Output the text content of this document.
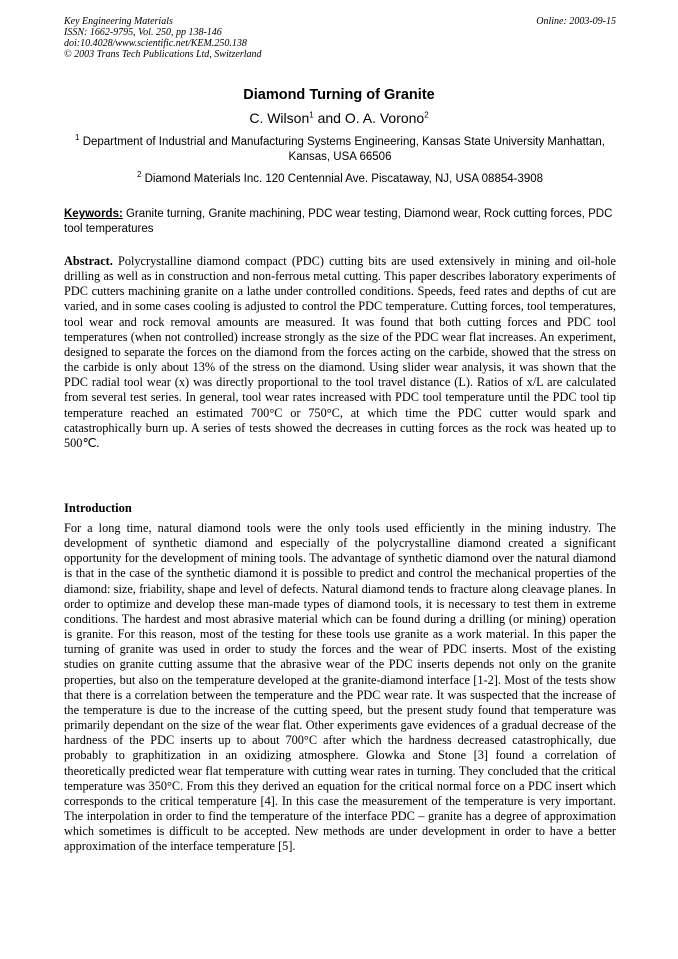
Key Engineering Materials
ISSN: 1662-9795, Vol. 250, pp 138-146
doi:10.4028/www.scientific.net/KEM.250.138
© 2003 Trans Tech Publications Ltd, Switzerland
Online: 2003-09-15
Diamond Turning of Granite
C. Wilson$^1$ and O. A. Vorono$^2$
$^1$ Department of Industrial and Manufacturing Systems Engineering, Kansas State University Manhattan, Kansas, USA 66506
$^2$ Diamond Materials Inc. 120 Centennial Ave. Piscataway, NJ, USA 08854-3908
Keywords: Granite turning, Granite machining, PDC wear testing, Diamond wear, Rock cutting forces, PDC tool temperatures
Abstract. Polycrystalline diamond compact (PDC) cutting bits are used extensively in mining and oil-hole drilling as well as in construction and non-ferrous metal cutting. This paper describes laboratory experiments of PDC cutters machining granite on a lathe under controlled conditions. Speeds, feed rates and depths of cut are varied, and in some cases cooling is adjusted to control the PDC temperature. Cutting forces, tool temperatures, tool wear and rock removal amounts are measured. It was found that both cutting forces and PDC tool temperatures (when not controlled) increase strongly as the size of the PDC wear flat increases. An experiment, designed to separate the forces on the diamond from the forces acting on the carbide, showed that the stress on the carbide is only about 13% of the stress on the diamond. Using slider wear analysis, it was shown that the PDC radial tool wear (x) was directly proportional to the tool travel distance (L). Ratios of x/L are calculated from several test series. In general, tool wear rates increased with PDC tool temperature until the PDC tool tip temperature reached an estimated 700°C or 750°C, at which time the PDC cutter would spark and catastrophically burn up. A series of tests showed the decreases in cutting forces as the rock was heated up to 500℃.
Introduction
For a long time, natural diamond tools were the only tools used efficiently in the mining industry. The development of synthetic diamond and especially of the polycrystalline diamond created a significant opportunity for the development of mining tools. The advantage of synthetic diamond over the natural diamond is that in the case of the synthetic diamond it is possible to predict and control the mechanical properties of the diamond: size, friability, shape and level of defects. Natural diamond tends to fracture along cleavage planes. In order to optimize and develop these man-made types of diamond tools, it is necessary to test them in extreme conditions. The hardest and most abrasive material which can be found during a drilling (or mining) operation is granite. For this reason, most of the testing for these tools use granite as a work material. In this paper the turning of granite was used in order to study the forces and the wear of PDC inserts. Most of the existing studies on granite cutting assume that the abrasive wear of the PDC inserts depends not only on the granite properties, but also on the temperature developed at the granite-diamond interface [1-2]. Most of the tests show that there is a correlation between the temperature and the PDC wear rate. It was suspected that the increase of the temperature is due to the increase of the cutting speed, but the present study found that temperature was primarily dependant on the size of the wear flat. Other experiments gave evidences of a gradual decrease of the hardness of the PDC inserts up to about 700°C after which the hardness decreased catastrophically, due probably to graphitization in an oxidizing atmosphere. Glowka and Stone [3] found a correlation of theoretically predicted wear flat temperature with cutting wear rates in turning. They concluded that the critical temperature was 350°C. From this they derived an equation for the critical normal force on a PDC insert which corresponds to the critical temperature [4]. In this case the measurement of the temperature is very important. The interpolation in order to find the temperature of the interface PDC – granite has a degree of approximation which sometimes is difficult to be accepted. New methods are under development in order to have a better approximation of the interface temperature [5].
